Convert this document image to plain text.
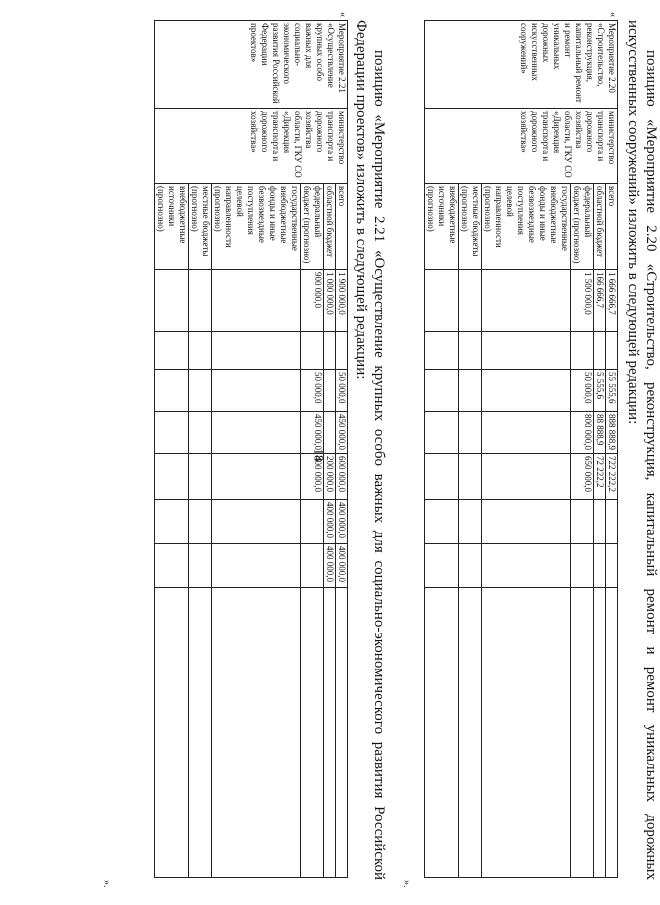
18	позицию «Мероприятие 2.20 «Строительство, реконструкция, капитальный ремонт и ремонт уникальных дорожных искусственных сооружений» изложить в следующей редакции:
«
Мероприятие 2.20 «Строительство, реконструкция, капитальный ремонт и ремонт уникальных дорожных искусственных сооружений»	министерство транспорта и дорожного хозяйства области, ГКУ СО «Дирекция транспорта и дорожного хозяйства»	всего	1 666 666,7		55 555,6	888 888,9	722 222,2			
		областной бюджет	166 666,7		5 555,6	88 888,9	72 222,2			
		федеральный бюджет (прогнозно)	1 500 000,0		50 000,0	800 000,0	650 000,0			
		государственные внебюджетные фонды и иные безвозмездные поступления целевой направленности (прогнозно)								
		местные бюджеты (прогнозно)								
		внебюджетные источники (прогнозно)								
».
позицию «Мероприятие 2.21 «Осуществление крупных особо важных для социально-экономического развития Российской Федерации проектов» изложить в следующей редакции:
«
Мероприятие 2.21 «Осуществление крупных особо важных для социально-экономического развития Российской Федерации проектов»	министерство транспорта и дорожного хозяйства области, ГКУ СО «Дирекция транспорта и дорожного хозяйства»	всего	1 900 000,0		50 000,0	450 000,0	600 000,0	400 000,0	400 000,0	
		областной бюджет	1 000 000,0				200 000,0	400 000,0	400 000,0	
		федеральный бюджет (прогнозно)	900 000,0		50 000,0	450 000,0	400 000,0			
		государственные внебюджетные фонды и иные безвозмездные поступления целевой направленности (прогнозно)								
		местные бюджеты (прогнозно)								
		внебюджетные источники (прогнозно)								
».
